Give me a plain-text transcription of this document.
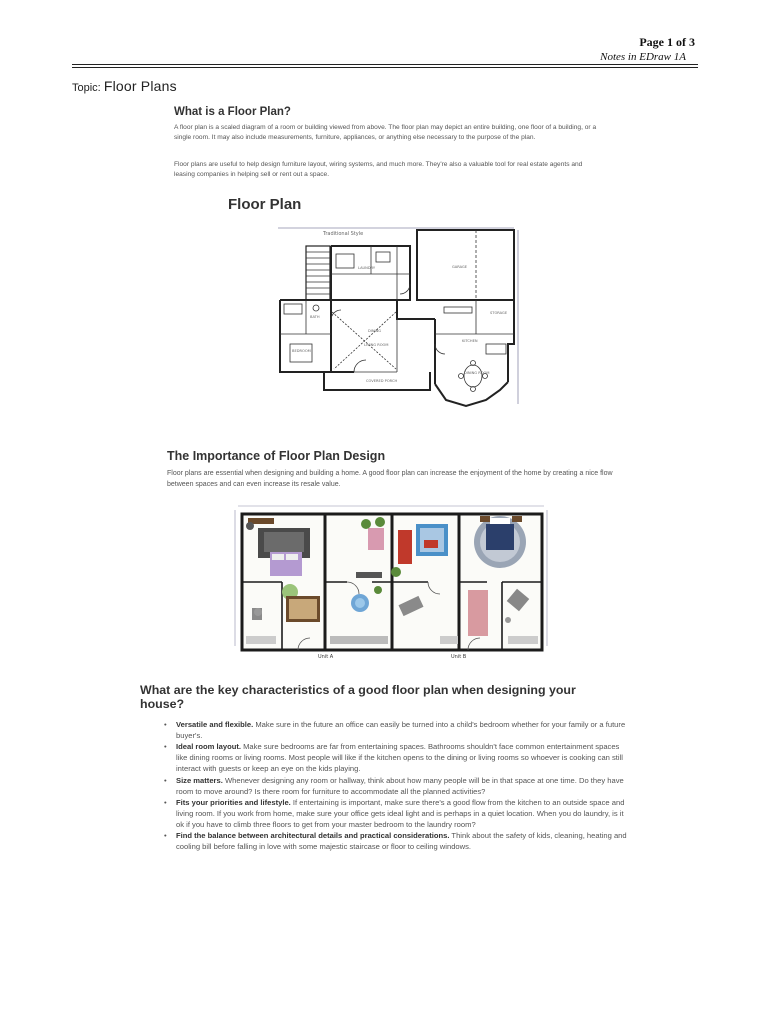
Page 1 of 3
Notes in EDraw 1A
Topic: Floor Plans
What is a Floor Plan?
A floor plan is a scaled diagram of a room or building viewed from above. The floor plan may depict an entire building, one floor of a building, or a single room. It may also include measurements, furniture, appliances, or anything else necessary to the purpose of the plan.
Floor plans are useful to help design furniture layout, wiring systems, and much more. They're also a valuable tool for real estate agents and leasing companies in helping sell or rent out a space.
Floor Plan
Traditional Style
LAUNDRY	GARAGE
STORAGE
BATH
BEDROOM
DINING
LIVING ROOM
KITCHEN
DINING ROOM
COVERED PORCH
The Importance of Floor Plan Design
Floor plans are essential when designing and building a home. A good floor plan can increase the enjoyment of the home by creating a nice flow between spaces and can even increase its resale value.
Unit A	Unit B
What are the key characteristics of a good floor plan when designing your house?
• Versatile and flexible. Make sure in the future an office can easily be turned into a child's bedroom whether for your family or a future buyer's.
• Ideal room layout. Make sure bedrooms are far from entertaining spaces. Bathrooms shouldn't face common entertainment spaces like dining rooms or living rooms. Most people will like if the kitchen opens to the dining or living rooms so whoever is cooking can still interact with guests or keep an eye on the kids playing.
• Size matters. Whenever designing any room or hallway, think about how many people will be in that space at one time. Do they have room to move around? Is there room for furniture to accommodate all the planned activities?
• Fits your priorities and lifestyle. If entertaining is important, make sure there's a good flow from the kitchen to an outside space and living room. If you work from home, make sure your office gets ideal light and is perhaps in a quiet location. When you do laundry, is it ok if you have to climb three floors to get from your master bedroom to the laundry room?
• Find the balance between architectural details and practical considerations. Think about the safety of kids, cleaning, heating and cooling bill before falling in love with some majestic staircase or floor to ceiling windows.
